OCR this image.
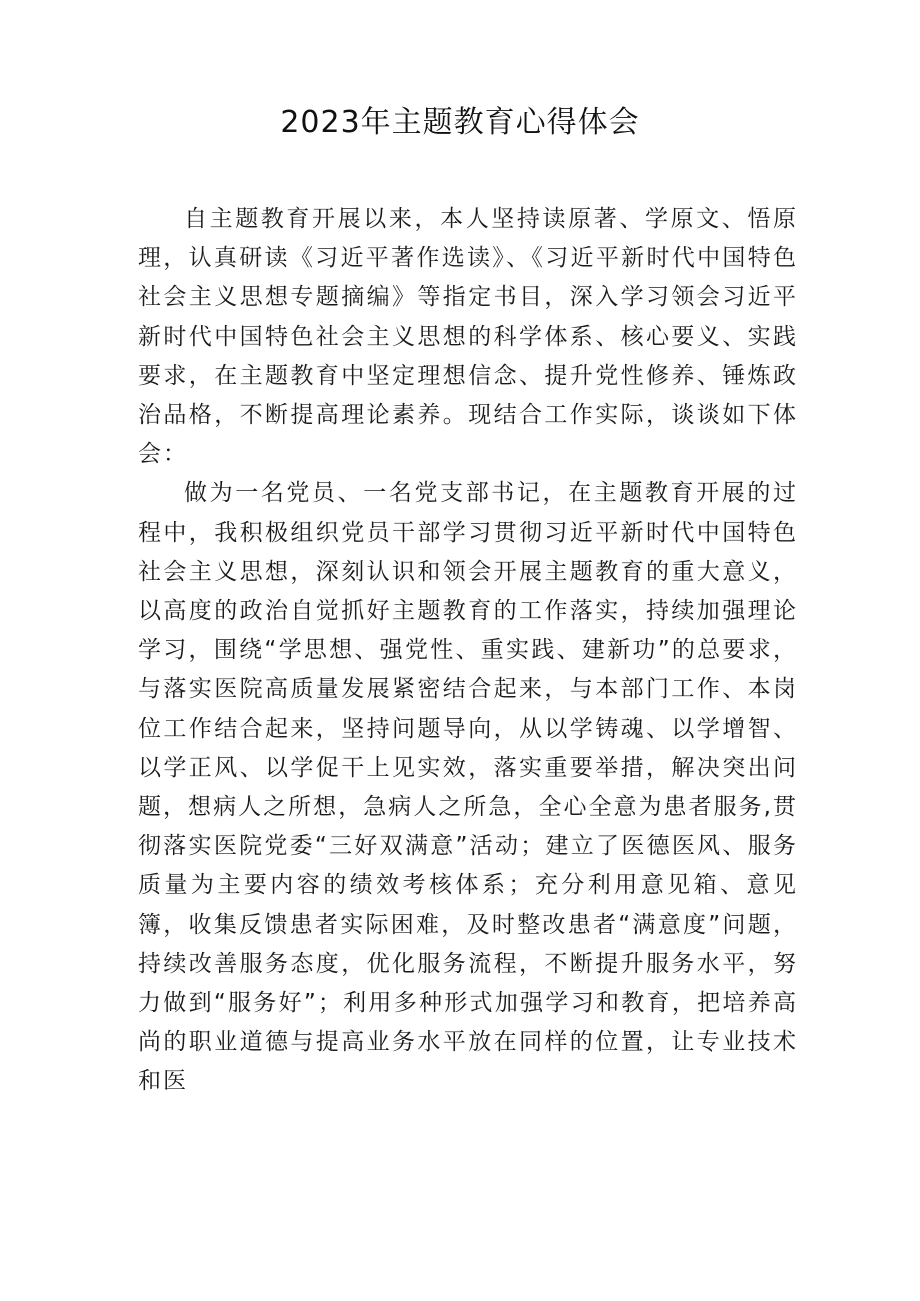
2023年主题教育心得体会

自主题教育开展以来，本人坚持读原著、学原文、悟原理，认真研读《习近平著作选读》、《习近平新时代中国特色社会主义思想专题摘编》等指定书目，深入学习领会习近平新时代中国特色社会主义思想的科学体系、核心要义、实践要求，在主题教育中坚定理想信念、提升党性修养、锤炼政治品格，不断提高理论素养。现结合工作实际，谈谈如下体会：

做为一名党员、一名党支部书记，在主题教育开展的过程中，我积极组织党员干部学习贯彻习近平新时代中国特色社会主义思想，深刻认识和领会开展主题教育的重大意义，以高度的政治自觉抓好主题教育的工作落实，持续加强理论学习，围绕“学思想、强党性、重实践、建新功”的总要求，与落实医院高质量发展紧密结合起来，与本部门工作、本岗位工作结合起来，坚持问题导向，从以学铸魂、以学增智、以学正风、以学促干上见实效，落实重要举措，解决突出问题，想病人之所想，急病人之所急，全心全意为患者服务,贯彻落实医院党委“三好双满意”活动；建立了医德医风、服务质量为主要内容的绩效考核体系；充分利用意见箱、意见簿，收集反馈患者实际困难，及时整改患者“满意度”问题，持续改善服务态度，优化服务流程，不断提升服务水平，努力做到“服务好”；利用多种形式加强学习和教育，把培养高尚的职业道德与提高业务水平放在同样的位置，让专业技术和医
